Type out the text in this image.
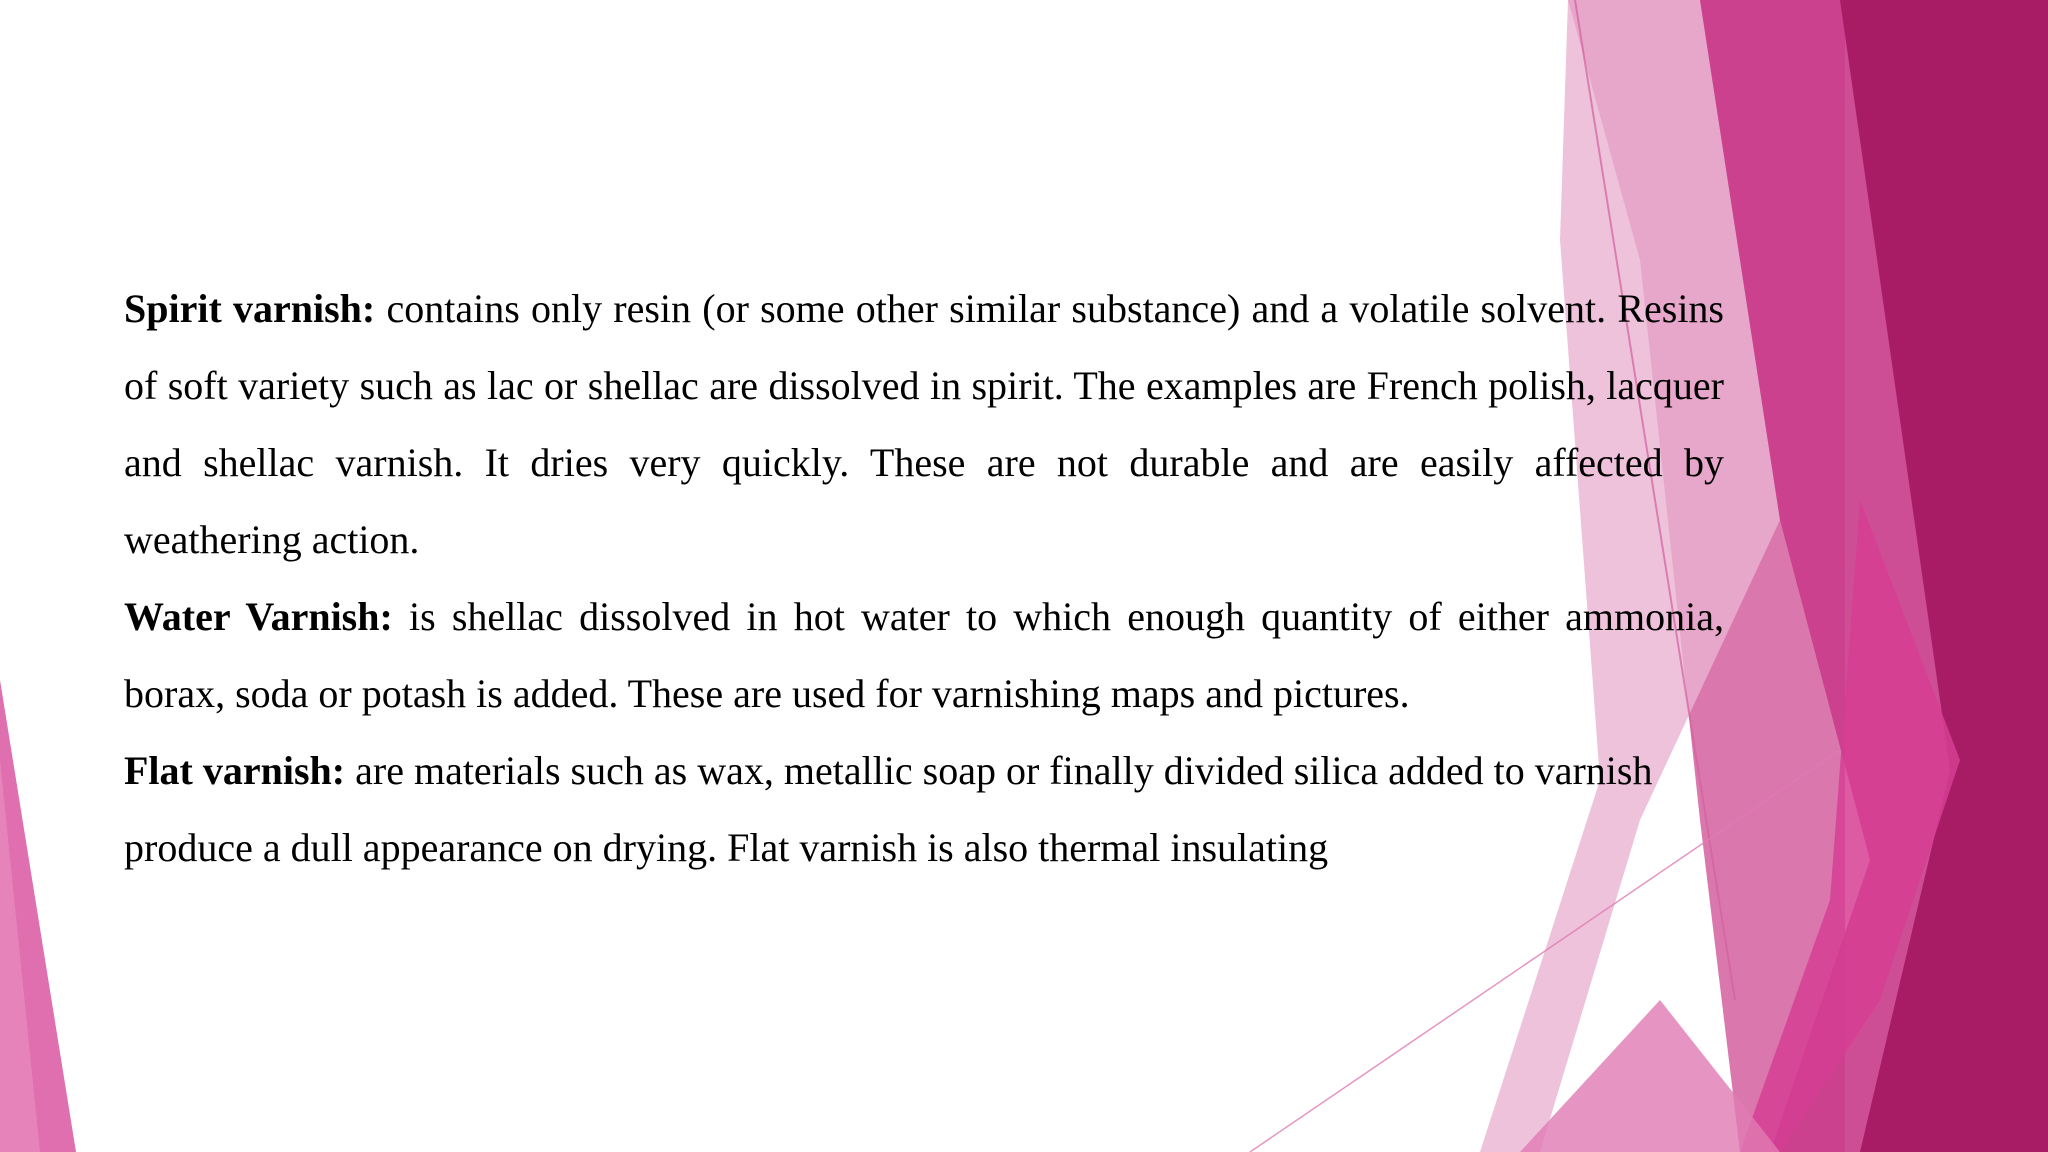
Spirit varnish: contains only resin (or some other similar substance) and a volatile solvent. Resins of soft variety such as lac or shellac are dissolved in spirit. The examples are French polish, lacquer and shellac varnish. It dries very quickly. These are not durable and are easily affected by weathering action.

Water Varnish: is shellac dissolved in hot water to which enough quantity of either ammonia, borax, soda or potash is added. These are used for varnishing maps and pictures.

Flat varnish: are materials such as wax, metallic soap or finally divided silica added to varnish produce a dull appearance on drying. Flat varnish is also thermal insulating
